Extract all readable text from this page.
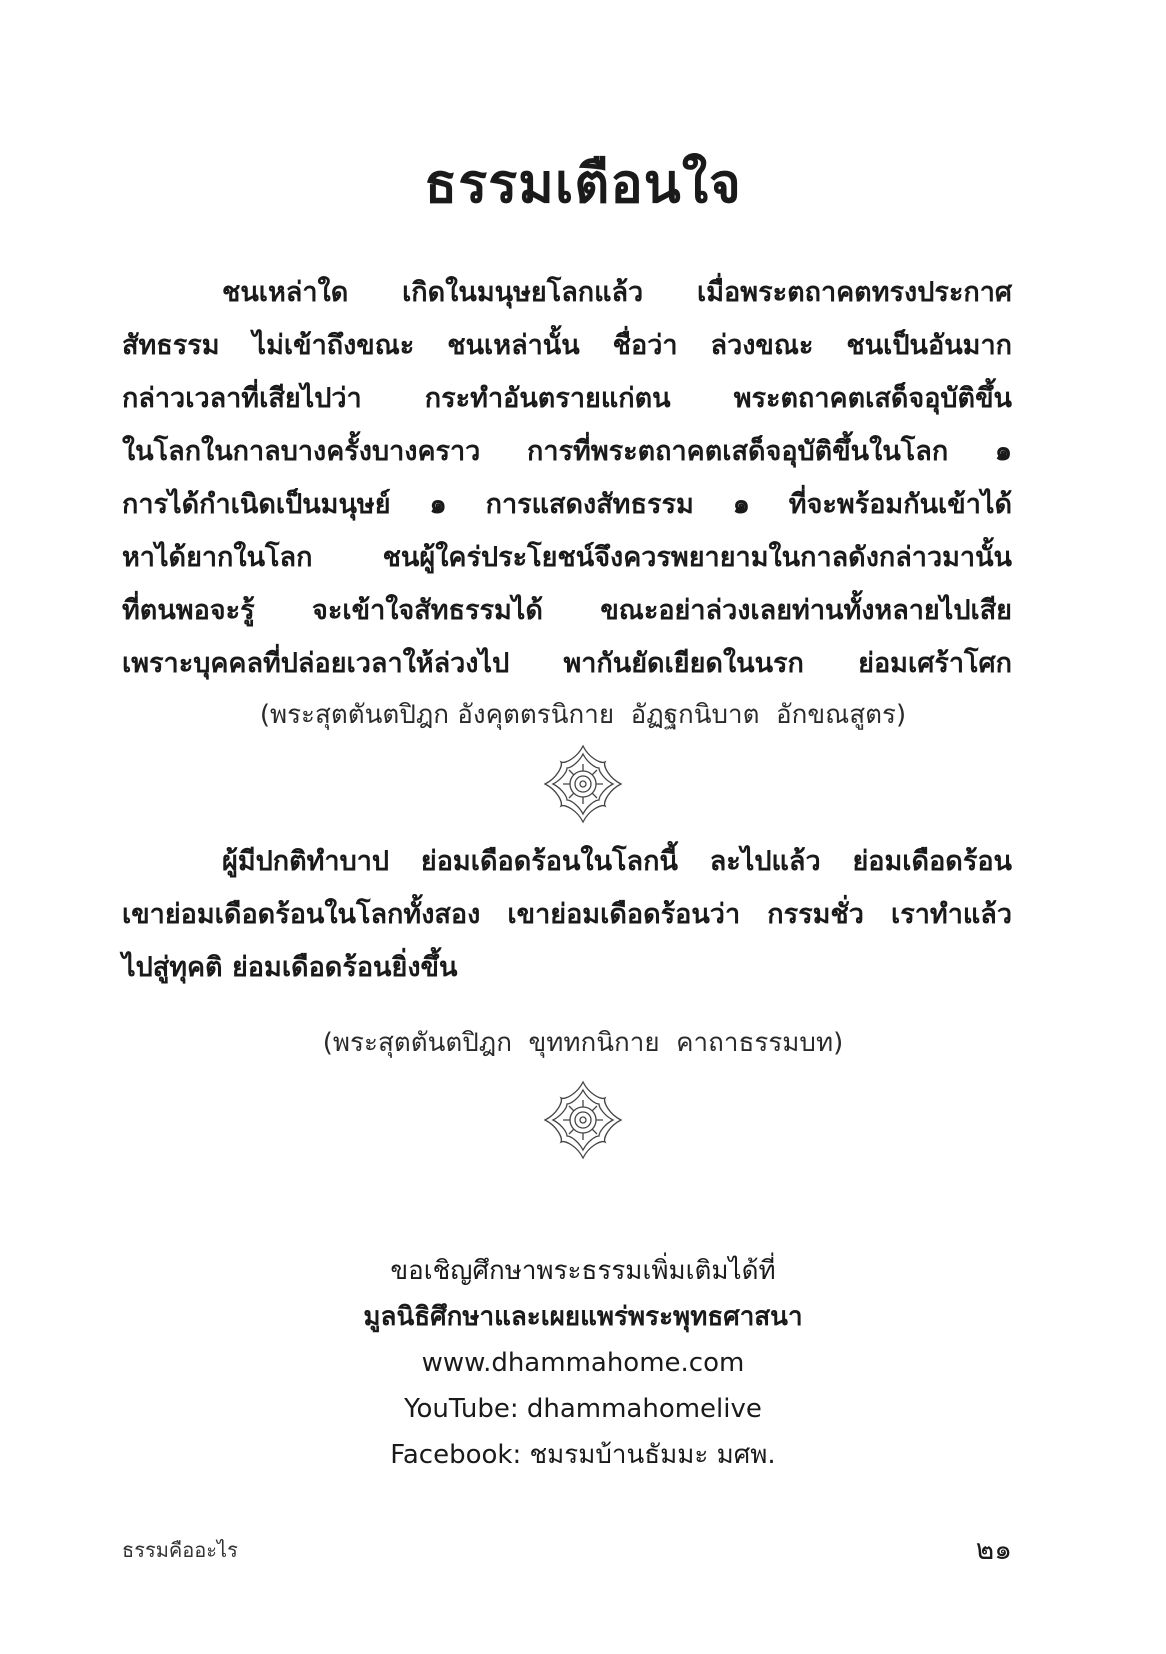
ธรรมเตือนใจ
ชนเหล่าใด เกิดในมนุษยโลกแล้ว เมื่อพระตถาคตทรงประกาศ
สัทธรรม ไม่เข้าถึงขณะ ชนเหล่านั้น ชื่อว่า ล่วงขณะ ชนเป็นอันมาก
กล่าวเวลาที่เสียไปว่า กระทำอันตรายแก่ตน พระตถาคตเสด็จอุบัติขึ้น
ในโลกในกาลบางครั้งบางคราว การที่พระตถาคตเสด็จอุบัติขึ้นในโลก ๑
การได้กำเนิดเป็นมนุษย์ ๑ การแสดงสัทธรรม ๑ ที่จะพร้อมกันเข้าได้
หาได้ยากในโลก ชนผู้ใคร่ประโยชน์จึงควรพยายามในกาลดังกล่าวมานั้น
ที่ตนพอจะรู้ จะเข้าใจสัทธรรมได้ ขณะอย่าล่วงเลยท่านทั้งหลายไปเสีย
เพราะบุคคลที่ปล่อยเวลาให้ล่วงไป พากันยัดเยียดในนรก ย่อมเศร้าโศก
(พระสุตตันตปิฎก อังคุตตรนิกาย  อัฏฐกนิบาต  อักขณสูตร)
ผู้มีปกติทำบาป ย่อมเดือดร้อนในโลกนี้ ละไปแล้ว ย่อมเดือดร้อน
เขาย่อมเดือดร้อนในโลกทั้งสอง เขาย่อมเดือดร้อนว่า กรรมชั่ว เราทำแล้ว
ไปสู่ทุคติ ย่อมเดือดร้อนยิ่งขึ้น
(พระสุตตันตปิฎก  ขุททกนิกาย  คาถาธรรมบท)
ขอเชิญศึกษาพระธรรมเพิ่มเติมได้ที่
มูลนิธิศึกษาและเผยแพร่พระพุทธศาสนา
www.dhammahome.com
YouTube: dhammahomelive
Facebook: ชมรมบ้านธัมมะ มศพ.
ธรรมคืออะไร	๒๑
